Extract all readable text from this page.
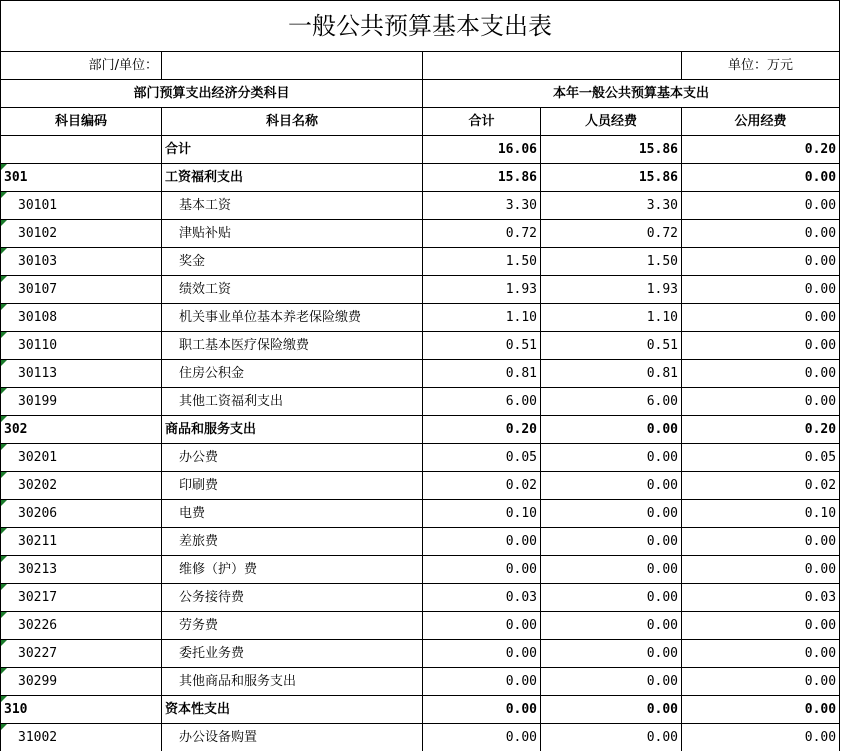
一般公共预算基本支出表				
部门/单位：				单位：万元
部门预算支出经济分类科目		本年一般公共预算基本支出		
科目编码	科目名称	合计	人员经费	公用经费
	合计	16.06	15.86	0.20

301	工资福利支出	15.86	15.86	0.00

30101	基本工资	3.30	3.30	0.00

30102	津贴补贴	0.72	0.72	0.00

30103	奖金	1.50	1.50	0.00

30107	绩效工资	1.93	1.93	0.00

30108	机关事业单位基本养老保险缴费	1.10	1.10	0.00

30110	职工基本医疗保险缴费	0.51	0.51	0.00

30113	住房公积金	0.81	0.81	0.00

30199	其他工资福利支出	6.00	6.00	0.00

302	商品和服务支出	0.20	0.00	0.20

30201	办公费	0.05	0.00	0.05

30202	印刷费	0.02	0.00	0.02

30206	电费	0.10	0.00	0.10

30211	差旅费	0.00	0.00	0.00

30213	维修（护）费	0.00	0.00	0.00

30217	公务接待费	0.03	0.00	0.03

30226	劳务费	0.00	0.00	0.00

30227	委托业务费	0.00	0.00	0.00

30299	其他商品和服务支出	0.00	0.00	0.00

310	资本性支出	0.00	0.00	0.00

31002	办公设备购置	0.00	0.00	0.00
